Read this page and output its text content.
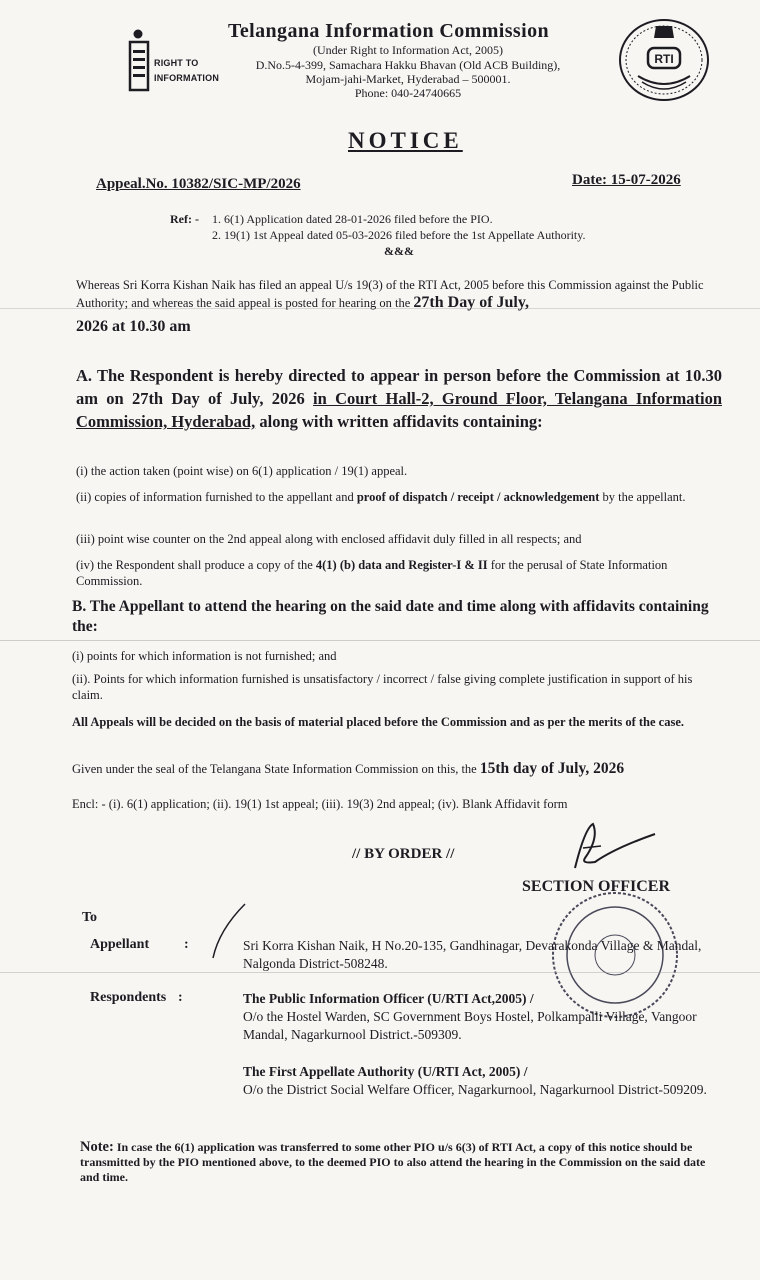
RIGHT TO
INFORMATION
Telangana Information Commission
(Under Right to Information Act, 2005)
D.No.5-4-399, Samachara Hakku Bhavan (Old ACB Building),
Mojam-jahi-Market, Hyderabad – 500001.
Phone: 040-24740665
RTI
NOTICE
Appeal.No. 10382/SIC-MP/2026	Date: 15-07-2026
Ref: - 1. 6(1) Application dated 28-01-2026 filed before the PIO.
2. 19(1) 1st Appeal dated 05-03-2026 filed before the 1st Appellate Authority.
&&&
Whereas Sri Korra Kishan Naik has filed an appeal U/s 19(3) of the RTI Act, 2005 before this Commission against the Public Authority; and whereas the said appeal is posted for hearing on the 27th Day of July,
2026 at 10.30 am
A. The Respondent is hereby directed to appear in person before the Commission at 10.30 am on 27th Day of July, 2026 in Court Hall-2, Ground Floor, Telangana Information Commission, Hyderabad, along with written affidavits containing:
(i) the action taken (point wise) on 6(1) application / 19(1) appeal.
(ii) copies of information furnished to the appellant and proof of dispatch / receipt / acknowledgement by the appellant.
(iii) point wise counter on the 2nd appeal along with enclosed affidavit duly filled in all respects; and
(iv) the Respondent shall produce a copy of the 4(1) (b) data and Register-I & II for the perusal of State Information Commission.
B. The Appellant to attend the hearing on the said date and time along with affidavits containing the:
(i) points for which information is not furnished; and
(ii). Points for which information furnished is unsatisfactory / incorrect / false giving complete justification in support of his claim.
All Appeals will be decided on the basis of material placed before the Commission and as per the merits of the case.
Given under the seal of the Telangana State Information Commission on this, the 15th day of July, 2026
Encl: - (i). 6(1) application; (ii). 19(1) 1st appeal; (iii). 19(3) 2nd appeal; (iv). Blank Affidavit form
// BY ORDER //
SECTION OFFICER
To
Appellant :	Sri Korra Kishan Naik, H No.20-135, Gandhinagar, Devarakonda Village & Mandal, Nalgonda District-508248.
Respondents :	The Public Information Officer (U/RTI Act,2005) /
O/o the Hostel Warden, SC Government Boys Hostel, Polkampalli Village, Vangoor Mandal, Nagarkurnool District.-509309.
The First Appellate Authority (U/RTI Act, 2005) /
O/o the District Social Welfare Officer, Nagarkurnool, Nagarkurnool District-509209.
Note: In case the 6(1) application was transferred to some other PIO u/s 6(3) of RTI Act, a copy of this notice should be transmitted by the PIO mentioned above, to the deemed PIO to also attend the hearing in the Commission on the said date and time.
